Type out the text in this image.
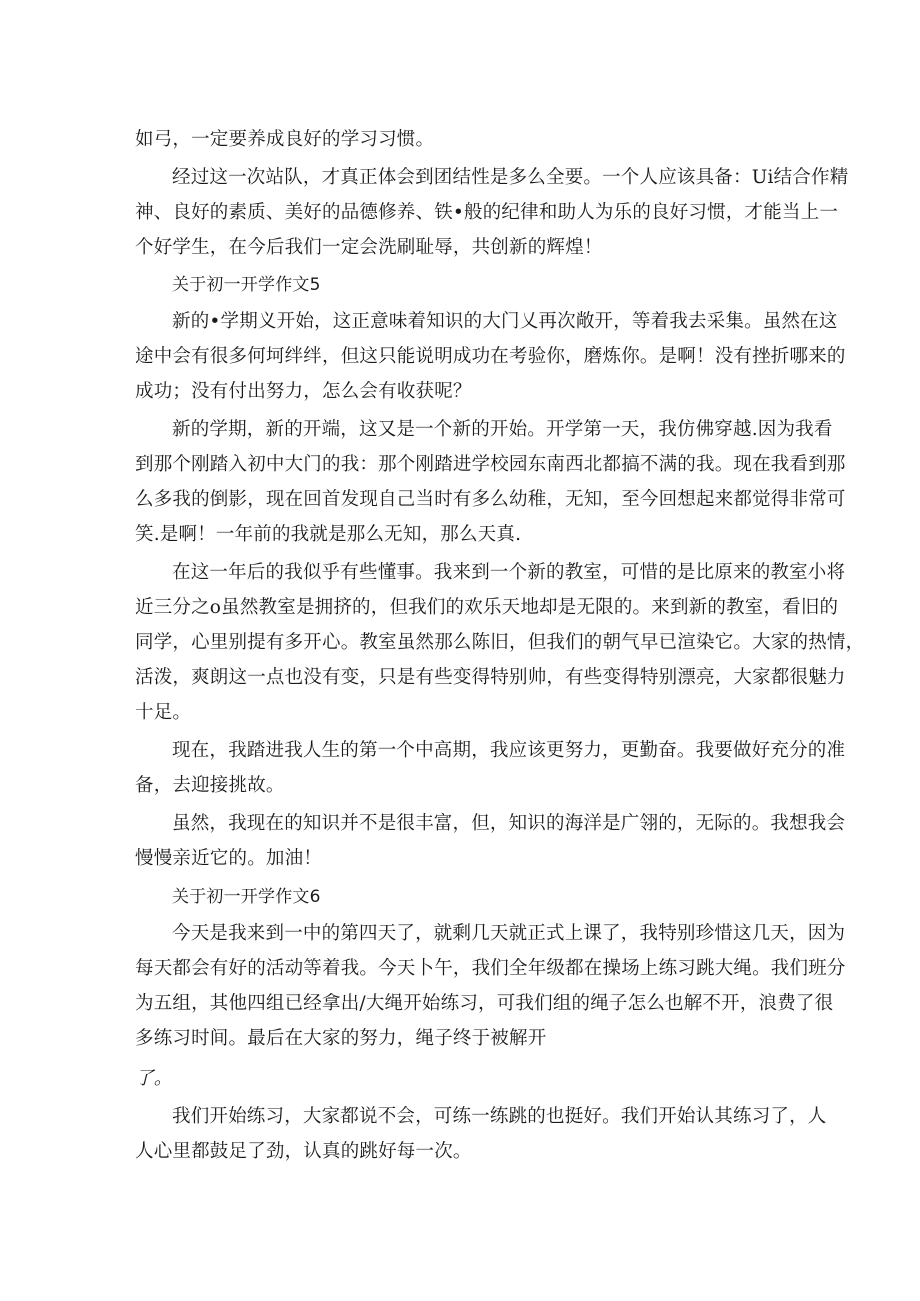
如弓，一定要养成良好的学习习惯。
经过这一次站队，才真正体会到团结性是多么全要。一个人应该具备：Ui结合作精
神、良好的素质、美好的品德修养、铁•般的纪律和助人为乐的良好习惯，才能当上一
个好学生，在今后我们一定会洗刷耻辱，共创新的辉煌！
关于初一开学作文5
新的•学期义开始，这正意味着知识的大门乂再次敞开，等着我去采集。虽然在这
途中会有很多何坷绊绊，但这只能说明成功在考验你，磨炼你。是啊！没有挫折哪来的
成功；没有付出努力，怎么会有收获呢？
新的学期，新的开端，这又是一个新的开始。开学第一天，我仿佛穿越.因为我看
到那个刚踏入初中大门的我：那个刚踏进学校园东南西北都搞不满的我。现在我看到那
么多我的倒影，现在回首发现自己当时有多么幼稚，无知，至今回想起来都觉得非常可
笑.是啊！一年前的我就是那么无知，那么天真.
在这一年后的我似乎有些懂事。我来到一个新的教室，可惜的是比原来的教室小将
近三分之o虽然教室是拥挤的，但我们的欢乐天地却是无限的。来到新的教室，看旧的
同学，心里别提有多开心。教室虽然那么陈旧，但我们的朝气早已渲染它。大家的热情，
活泼，爽朗这一点也没有变，只是有些变得特别帅，有些变得特别漂亮，大家都很魅力
十足。
现在，我踏进我人生的第一个中高期，我应该更努力，更勤奋。我要做好充分的准
备，去迎接挑故。
虽然，我现在的知识并不是很丰富，但，知识的海洋是广翎的，无际的。我想我会
慢慢亲近它的。加油！
关于初一开学作文6
今天是我来到一中的第四天了，就剩几天就正式上课了，我特别珍惜这几天，因为
每天都会有好的活动等着我。今天卜午，我们全年级都在操场上练习跳大绳。我们班分
为五组，其他四组已经拿出/大绳开始练习，可我们组的绳子怎么也解不开，浪费了很
多练习时间。最后在大家的努力，绳子终于被解开
了。
我们开始练习，大家都说不会，可练一练跳的也挺好。我们开始认其练习了，人
人心里都鼓足了劲，认真的跳好每一次。
